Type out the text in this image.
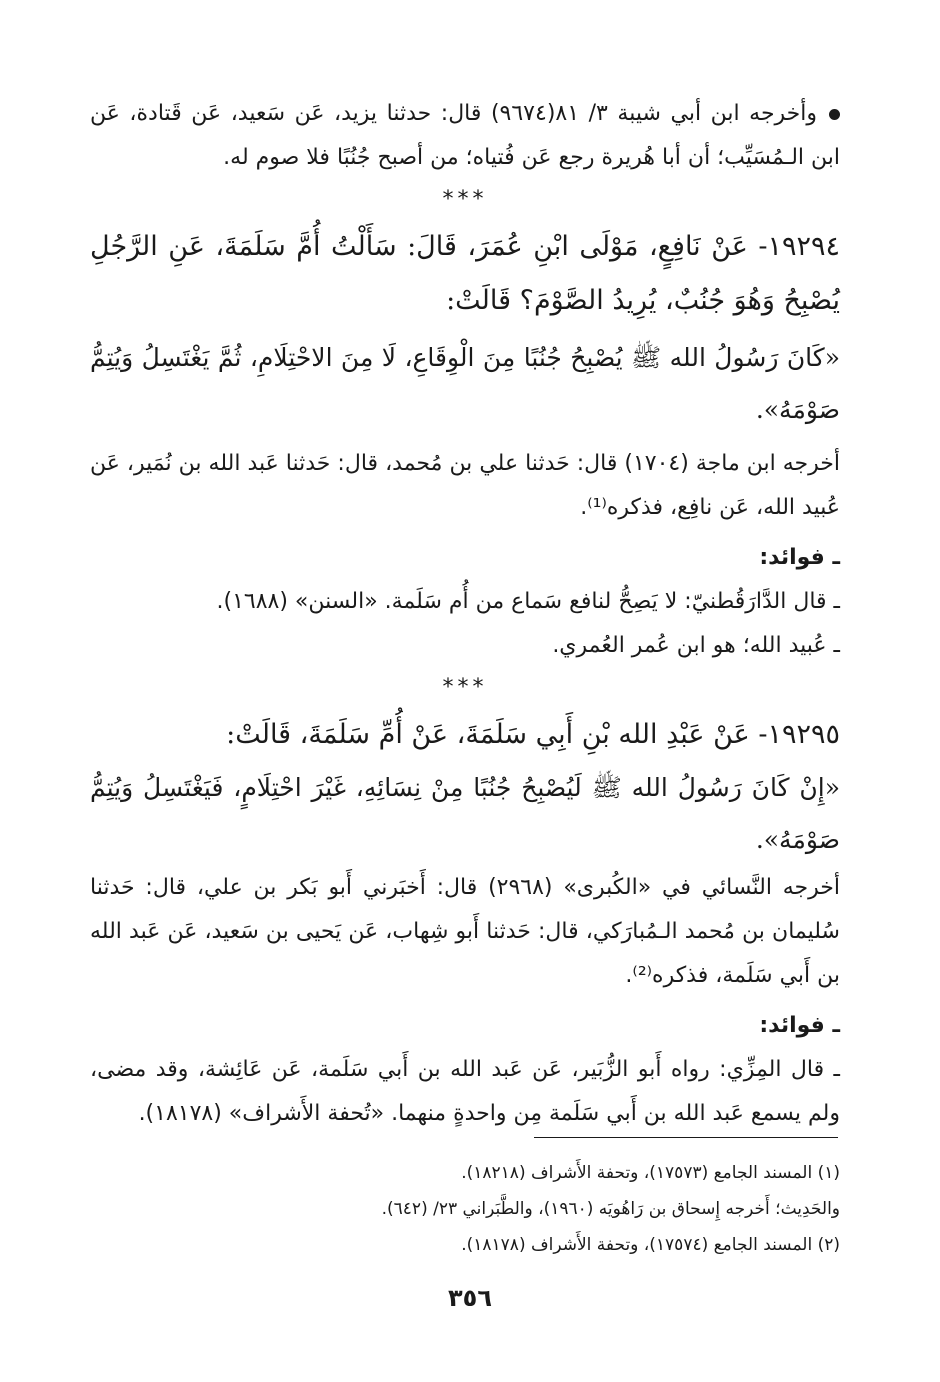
وأخرجه ابن أبي شيبة ٣/ ٨١(٩٦٧٤) قال: حدثنا يزيد، عَن سَعيد، عَن قَتادة، عَن ابن الـمُسَيِّب؛ أن أبا هُريرة رجع عَن فُتياه؛ من أصبح جُنُبًا فلا صوم له.

***

١٩٢٩٤- عَنْ نَافِعٍ، مَوْلَى ابْنِ عُمَرَ، قَالَ: سَأَلْتُ أُمَّ سَلَمَةَ، عَنِ الرَّجُلِ يُصْبِحُ وَهُوَ جُنُبٌ، يُرِيدُ الصَّوْمَ؟ قَالَتْ:

«كَانَ رَسُولُ الله ﷺ يُصْبِحُ جُنُبًا مِنَ الْوِقَاعِ، لَا مِنَ الاحْتِلَامِ، ثُمَّ يَغْتَسِلُ وَيُتِمُّ صَوْمَهُ».

أخرجه ابن ماجة (١٧٠٤) قال: حَدثنا علي بن مُحمد، قال: حَدثنا عَبد الله بن نُمَير، عَن عُبيد الله، عَن نافِع، فذكره⁽¹⁾.

ـ فوائد:

ـ قال الدَّارَقُطنيّ: لا يَصِحُّ لنافع سَماع من أُم سَلَمة. «السنن» (١٦٨٨).

ـ عُبيد الله؛ هو ابن عُمر العُمري.

***

١٩٢٩٥- عَنْ عَبْدِ الله بْنِ أَبِي سَلَمَةَ، عَنْ أُمِّ سَلَمَةَ، قَالَتْ:

«إِنْ كَانَ رَسُولُ الله ﷺ لَيُصْبِحُ جُنُبًا مِنْ نِسَائِهِ، غَيْرَ احْتِلَامٍ، فَيَغْتَسِلُ وَيُتِمُّ صَوْمَهُ».

أخرجه النَّسائي في «الكُبرى» (٢٩٦٨) قال: أَخبَرني أَبو بَكر بن علي، قال: حَدثنا سُليمان بن مُحمد الـمُبارَكي، قال: حَدثنا أَبو شِهاب، عَن يَحيى بن سَعيد، عَن عَبد الله بن أَبي سَلَمة، فذكره⁽²⁾.

ـ فوائد:

ـ قال المِزِّي: رواه أَبو الزُّبَير، عَن عَبد الله بن أَبي سَلَمة، عَن عَائِشة، وقد مضى، ولم يسمع عَبد الله بن أَبي سَلَمة مِن واحدةٍ منهما. «تُحفة الأَشراف» (١٨١٧٨).

(١) المسند الجامع (١٧٥٧٣)، وتحفة الأَشراف (١٨٢١٨).

والحَدِيث؛ أَخرجه إِسحاق بن رَاهُويَه (١٩٦٠)، والطَّبَراني ٢٣/ (٦٤٢).

(٢) المسند الجامع (١٧٥٧٤)، وتحفة الأَشراف (١٨١٧٨).

٣٥٦
